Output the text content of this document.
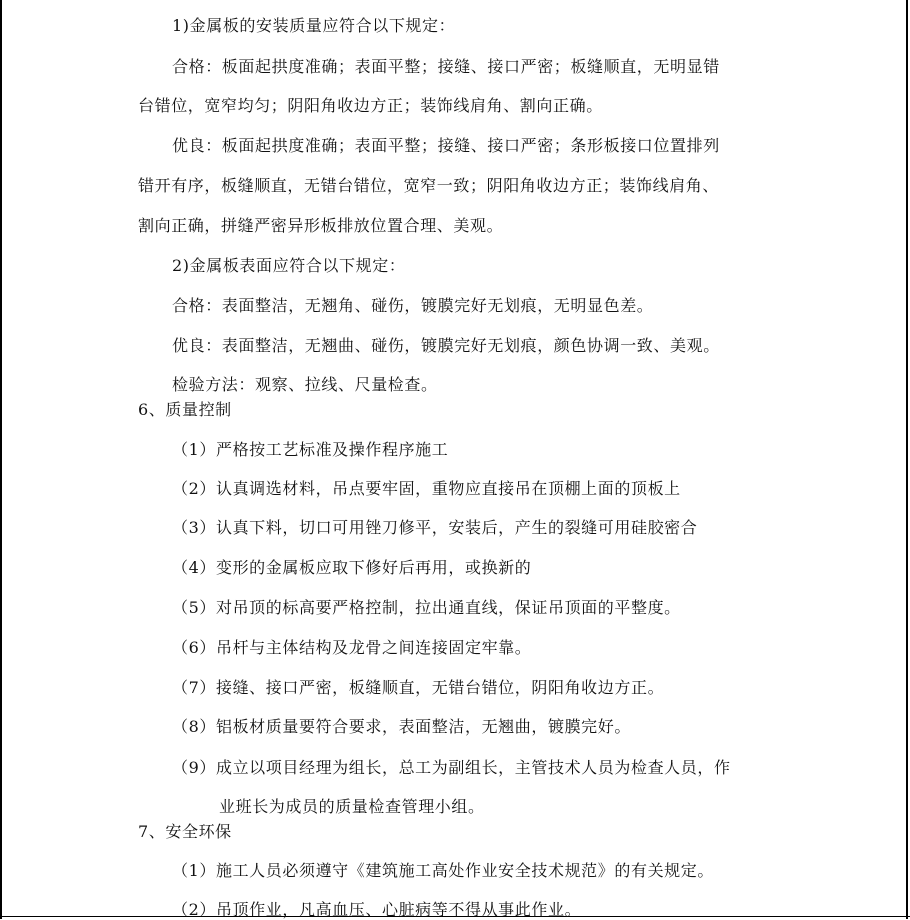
1)金属板的安装质量应符合以下规定：
合格：板面起拱度准确；表面平整；接缝、接口严密；板缝顺直，无明显错
台错位，宽窄均匀；阴阳角收边方正；装饰线肩角、割向正确。
优良：板面起拱度准确；表面平整；接缝、接口严密；条形板接口位置排列
错开有序，板缝顺直，无错台错位，宽窄一致；阴阳角收边方正；装饰线肩角、
割向正确，拼缝严密异形板排放位置合理、美观。
2)金属板表面应符合以下规定：
合格：表面整洁，无翘角、碰伤，镀膜完好无划痕，无明显色差。
优良：表面整洁，无翘曲、碰伤，镀膜完好无划痕，颜色协调一致、美观。
检验方法：观察、拉线、尺量检查。
6、质量控制
（1）严格按工艺标准及操作程序施工
（2）认真调选材料，吊点要牢固，重物应直接吊在顶棚上面的顶板上
（3）认真下料，切口可用锉刀修平，安装后，产生的裂缝可用硅胶密合
（4）变形的金属板应取下修好后再用，或换新的
（5）对吊顶的标高要严格控制，拉出通直线，保证吊顶面的平整度。
（6）吊杆与主体结构及龙骨之间连接固定牢靠。
（7）接缝、接口严密，板缝顺直，无错台错位，阴阳角收边方正。
（8）铝板材质量要符合要求，表面整洁，无翘曲，镀膜完好。
（9）成立以项目经理为组长，总工为副组长，主管技术人员为检查人员，作
业班长为成员的质量检查管理小组。
7、安全环保
（1）施工人员必须遵守《建筑施工高处作业安全技术规范》的有关规定。
（2）吊顶作业，凡高血压、心脏病等不得从事此作业。
